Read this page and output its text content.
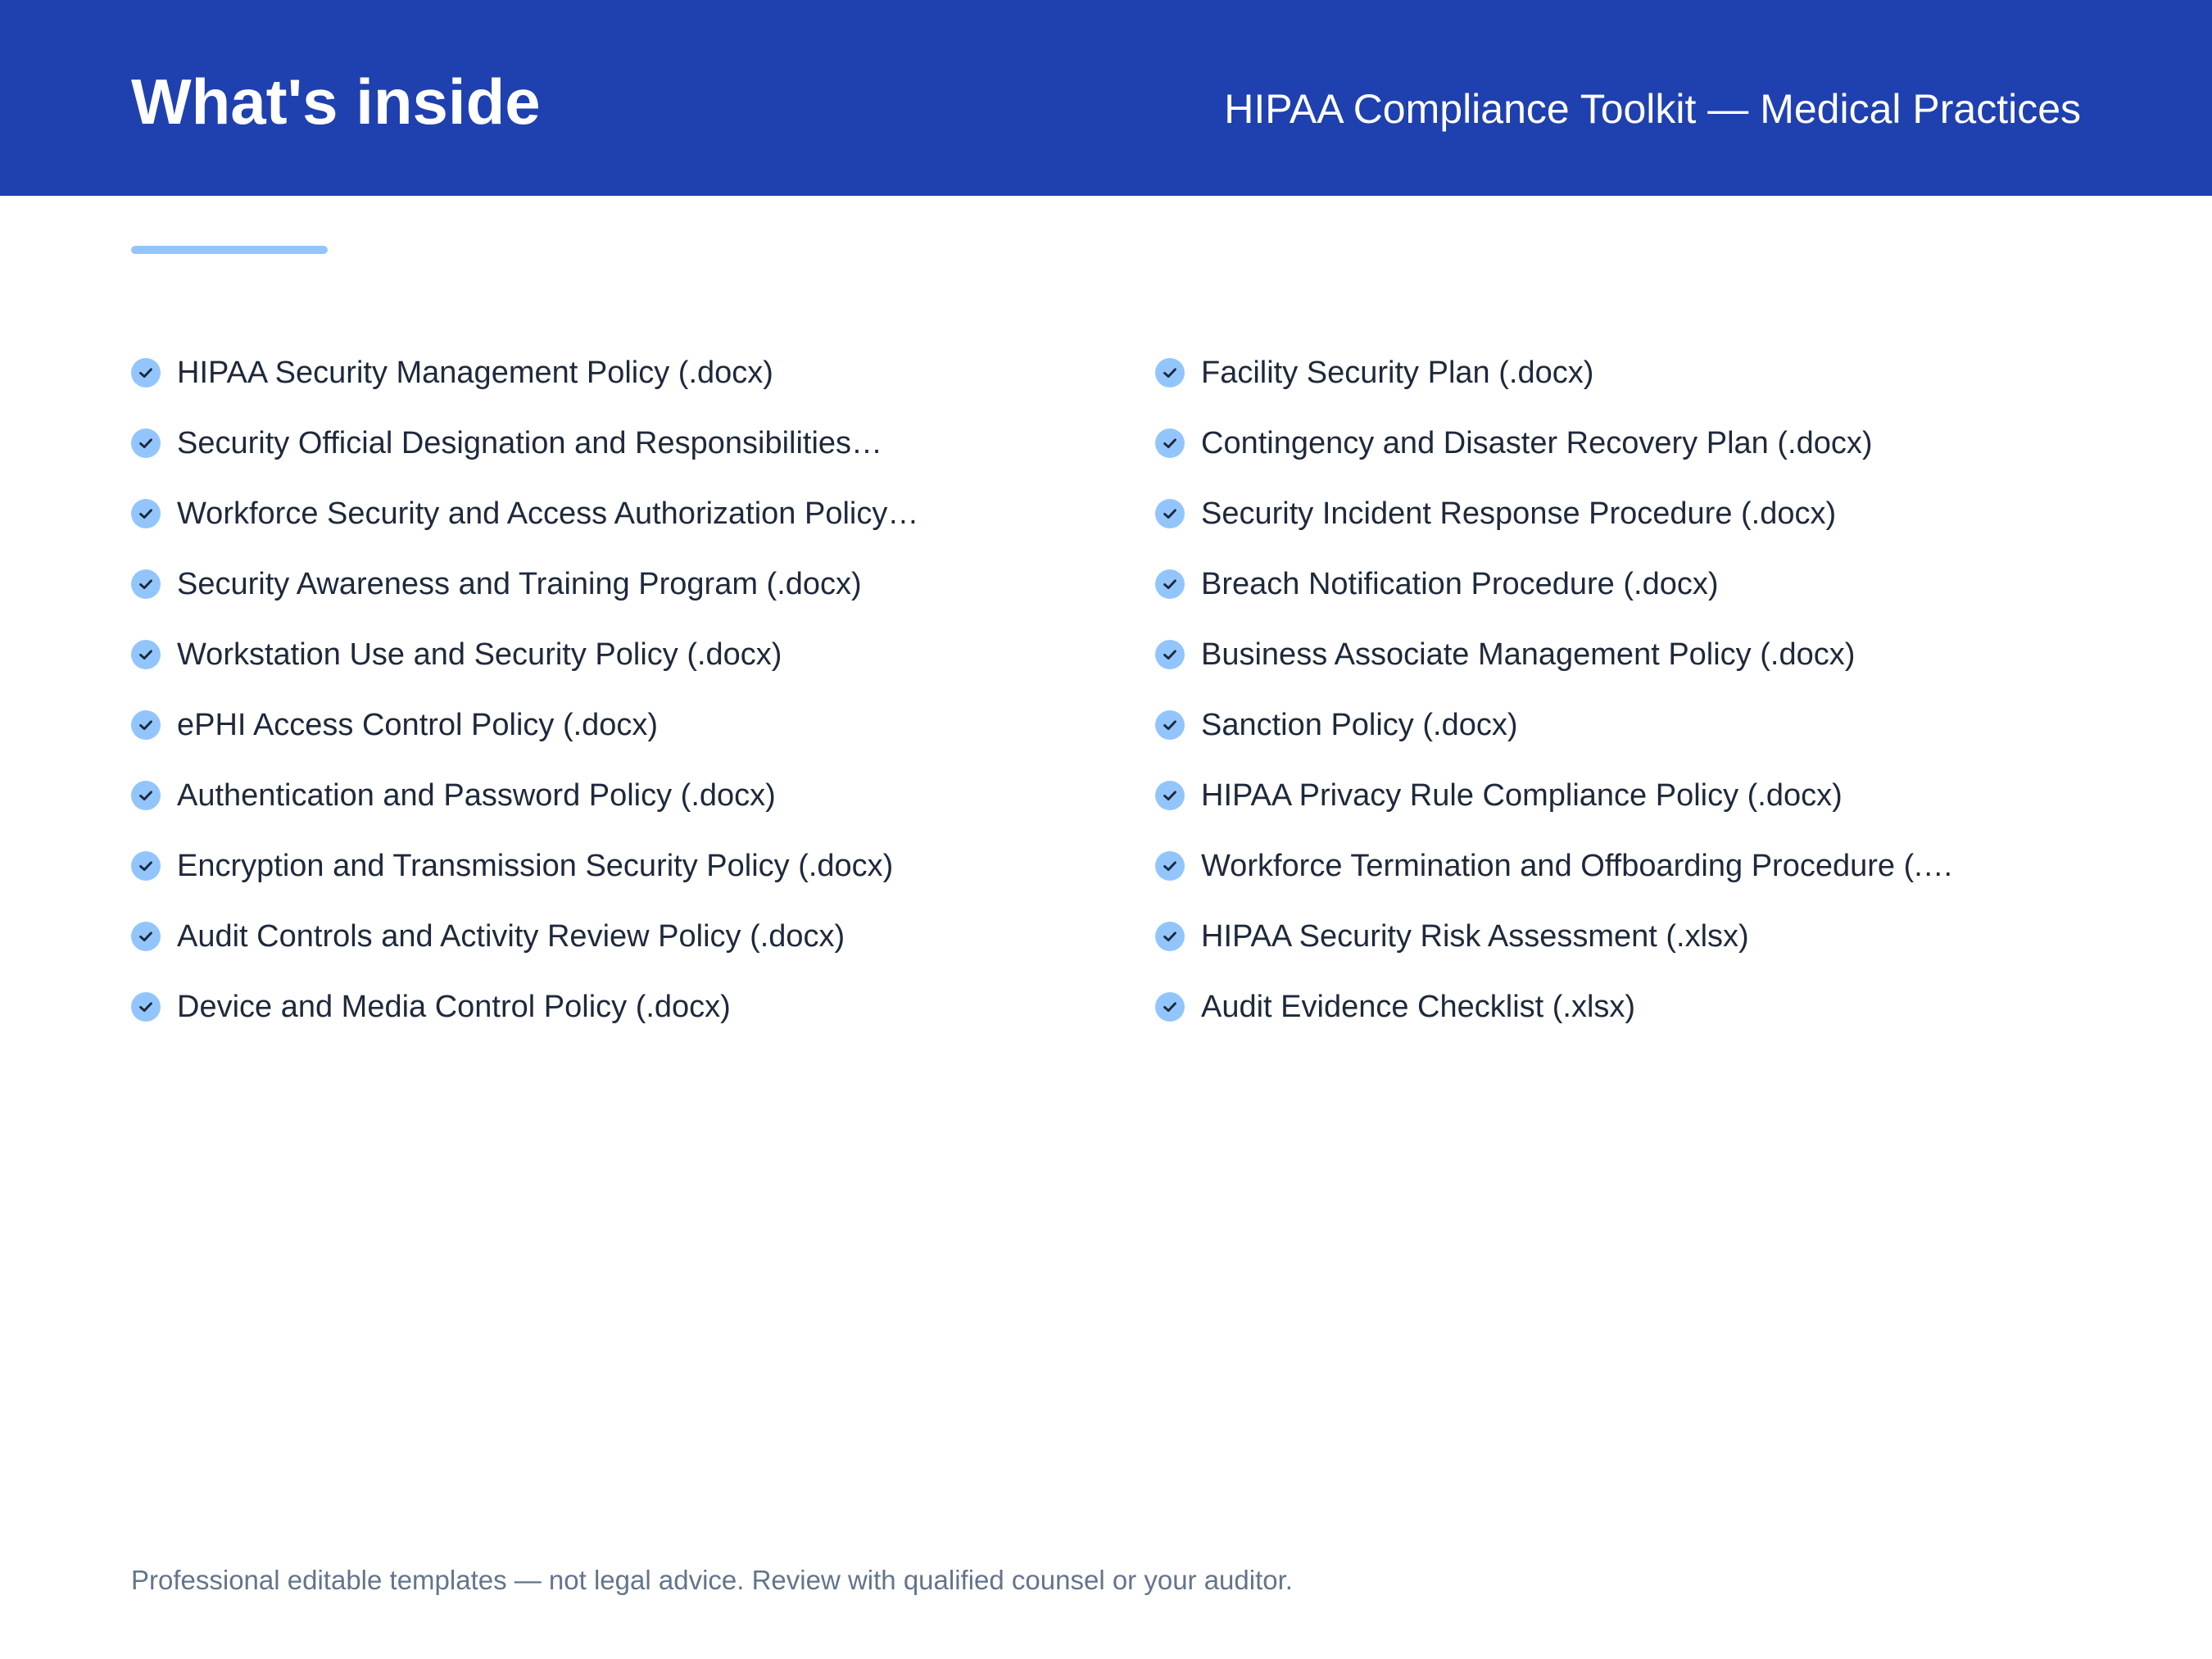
What's inside	HIPAA Compliance Toolkit — Medical Practices
HIPAA Security Management Policy (.docx)
Security Official Designation and Responsibilities…
Workforce Security and Access Authorization Policy…
Security Awareness and Training Program (.docx)
Workstation Use and Security Policy (.docx)
ePHI Access Control Policy (.docx)
Authentication and Password Policy (.docx)
Encryption and Transmission Security Policy (.docx)
Audit Controls and Activity Review Policy (.docx)
Device and Media Control Policy (.docx)
Facility Security Plan (.docx)
Contingency and Disaster Recovery Plan (.docx)
Security Incident Response Procedure (.docx)
Breach Notification Procedure (.docx)
Business Associate Management Policy (.docx)
Sanction Policy (.docx)
HIPAA Privacy Rule Compliance Policy (.docx)
Workforce Termination and Offboarding Procedure (.…
HIPAA Security Risk Assessment (.xlsx)
Audit Evidence Checklist (.xlsx)
Professional editable templates — not legal advice. Review with qualified counsel or your auditor.
